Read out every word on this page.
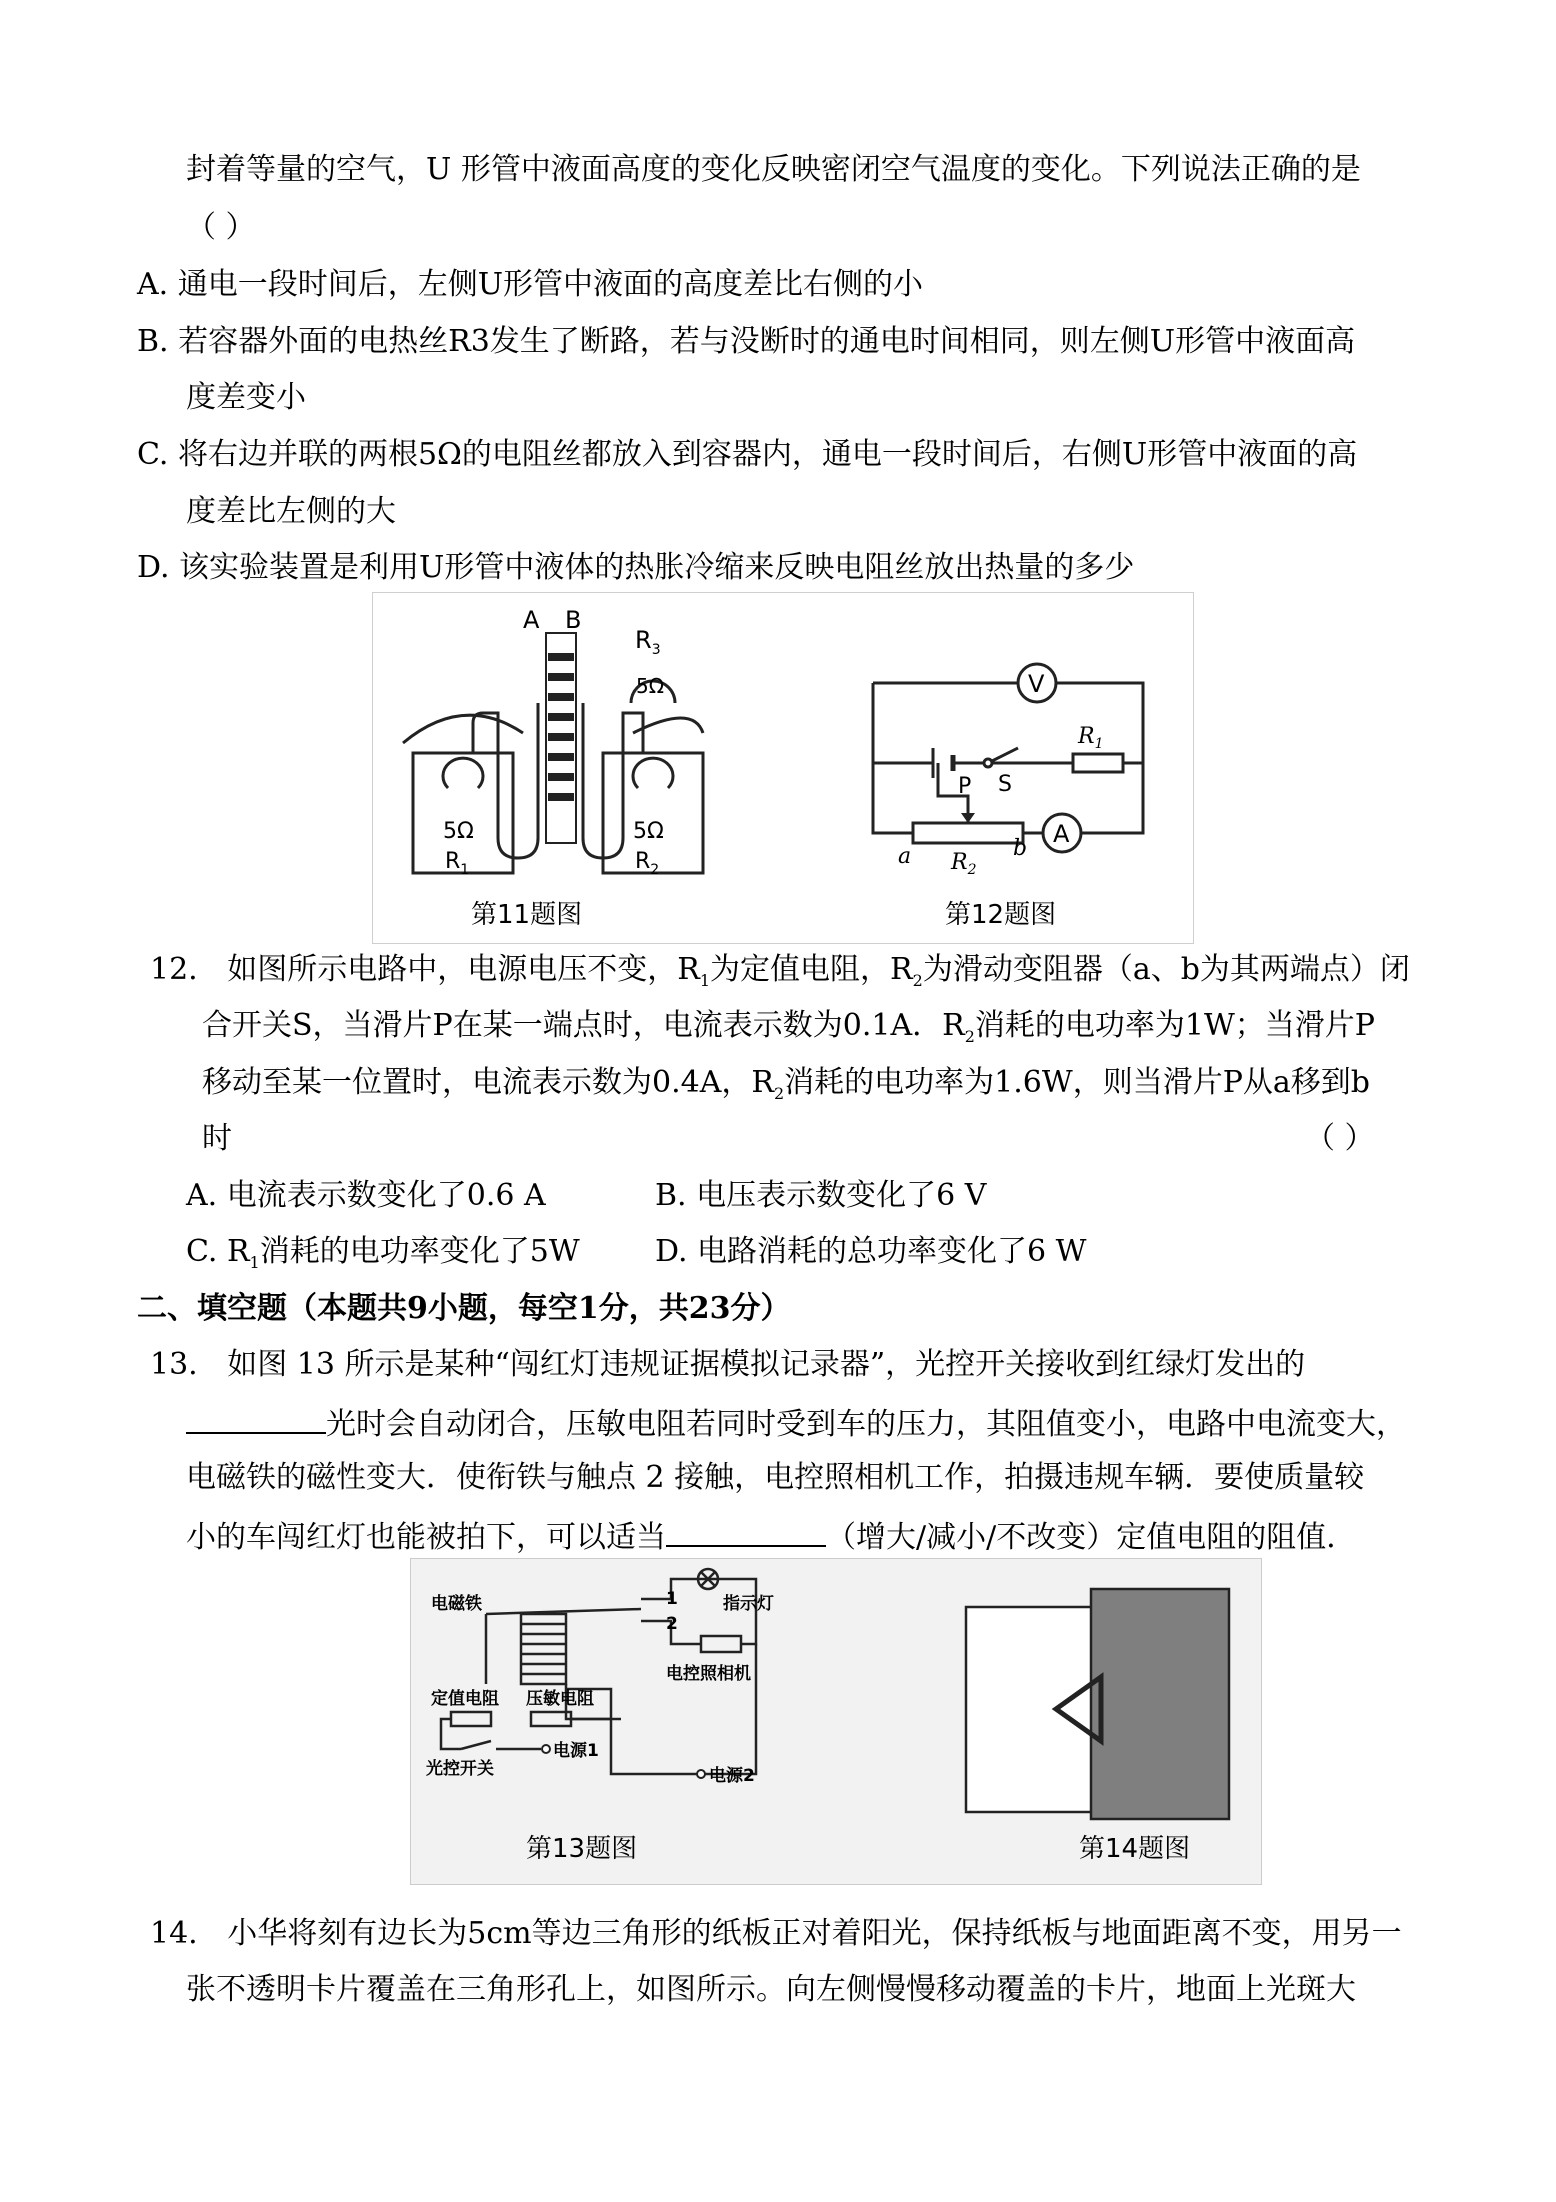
封着等量的空气，U 形管中液面高度的变化反映密闭空气温度的变化。下列说法正确的是
（ ）
A. 通电一段时间后，左侧U形管中液面的高度差比右侧的小
B. 若容器外面的电热丝R3发生了断路，若与没断时的通电时间相同，则左侧U形管中液面高
度差变小
C. 将右边并联的两根5Ω的电阻丝都放入到容器内，通电一段时间后，右侧U形管中液面的高
度差比左侧的大
D. 该实验装置是利用U形管中液体的热胀冷缩来反映电阻丝放出热量的多少
A B
$R_3$
5Ω
5Ω	5Ω
$R_1$	$R_2$
第11题图
V
A
$R_1$
S
P
a $R_2$
b
第12题图
12. 如图所示电路中，电源电压不变，$R_1$为定值电阻，$R_2$为滑动变阻器（a、b为其两端点）闭
合开关S，当滑片P在某一端点时，电流表示数为0.1A．$R_2$消耗的电功率为1W；当滑片P
移动至某一位置时，电流表示数为0.4A，$R_2$消耗的电功率为1.6W，则当滑片P从a移到b
时	（ ）
A. 电流表示数变化了0.6 A	B. 电压表示数变化了6 V
C. $R_1$消耗的电功率变化了5W	D. 电路消耗的总功率变化了6 W
二、填空题（本题共9小题，每空1分，共23分）
13. 如图 13 所示是某种“闯红灯违规证据模拟记录器”，光控开关接收到红绿灯发出的
光时会自动闭合，压敏电阻若同时受到车的压力，其阻值变小，电路中电流变大，
电磁铁的磁性变大．使衔铁与触点 2 接触，电控照相机工作，拍摄违规车辆．要使质量较
小的车闯红灯也能被拍下，可以适当	（增大/减小/不改变）定值电阻的阻值．
电磁铁	1
2
指示灯
电控照相机
定值电阻 压敏电阻
电源1
电源2
光控开关
第13题图	第14题图
14. 小华将刻有边长为5cm等边三角形的纸板正对着阳光，保持纸板与地面距离不变，用另一
张不透明卡片覆盖在三角形孔上，如图所示。向左侧慢慢移动覆盖的卡片，地面上光斑大
